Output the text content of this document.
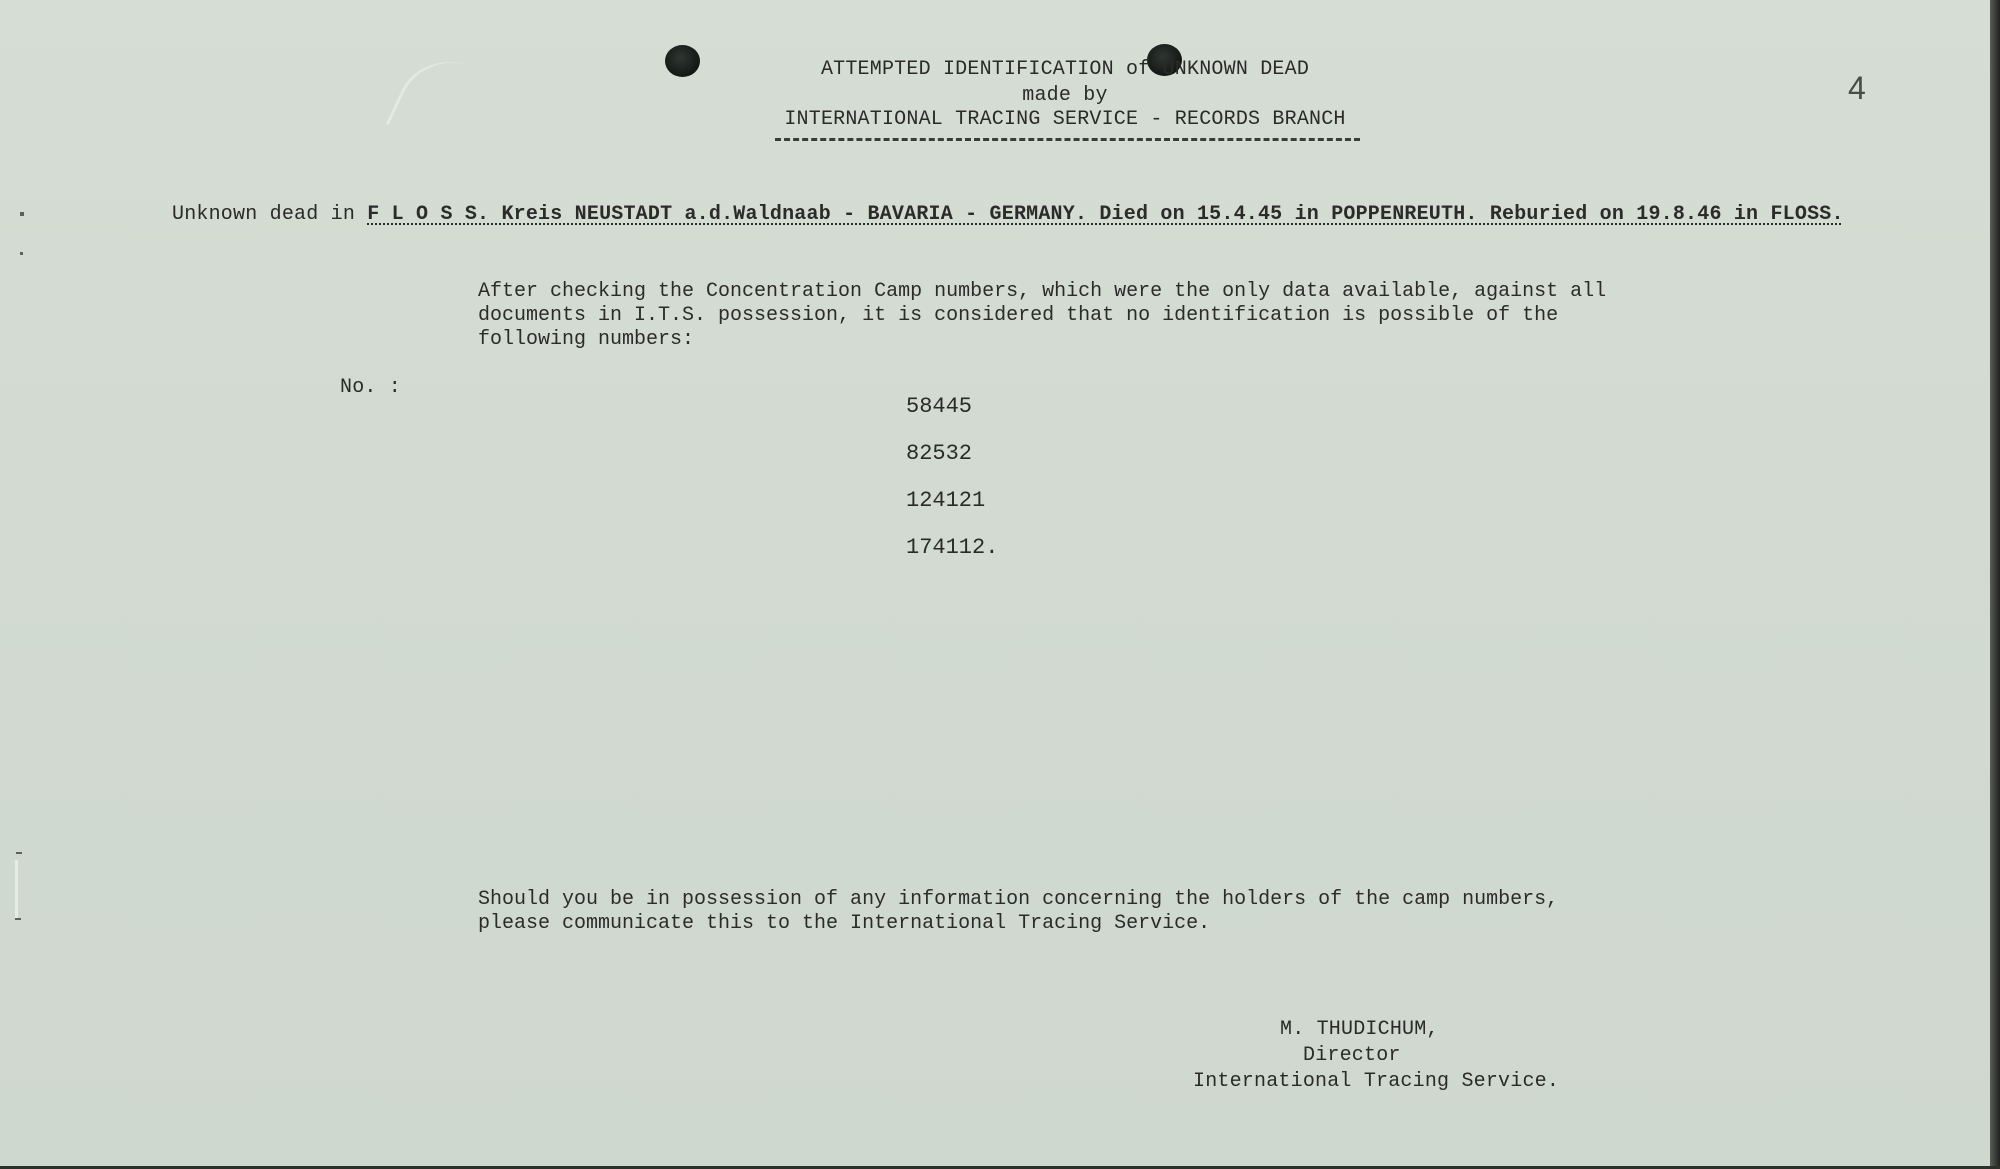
ATTEMPTED IDENTIFICATION of UNKNOWN DEAD
made by
INTERNATIONAL TRACING SERVICE - RECORDS BRANCH
4
Unknown dead in F L O S S. Kreis NEUSTADT a.d.Waldnaab - BAVARIA - GERMANY. Died on 15.4.45 in POPPENREUTH. Reburied on 19.8.46 in FLOSS.

After checking the Concentration Camp numbers, which were the only data available, against all

documents in I.T.S. possession, it is considered that no identification is possible of the

following numbers:

No. :
58445
82532
124121
174112.

Should you be in possession of any information concerning the holders of the camp numbers,

please communicate this to the International Tracing Service.

M. THUDICHUM,
Director
International Tracing Service.
